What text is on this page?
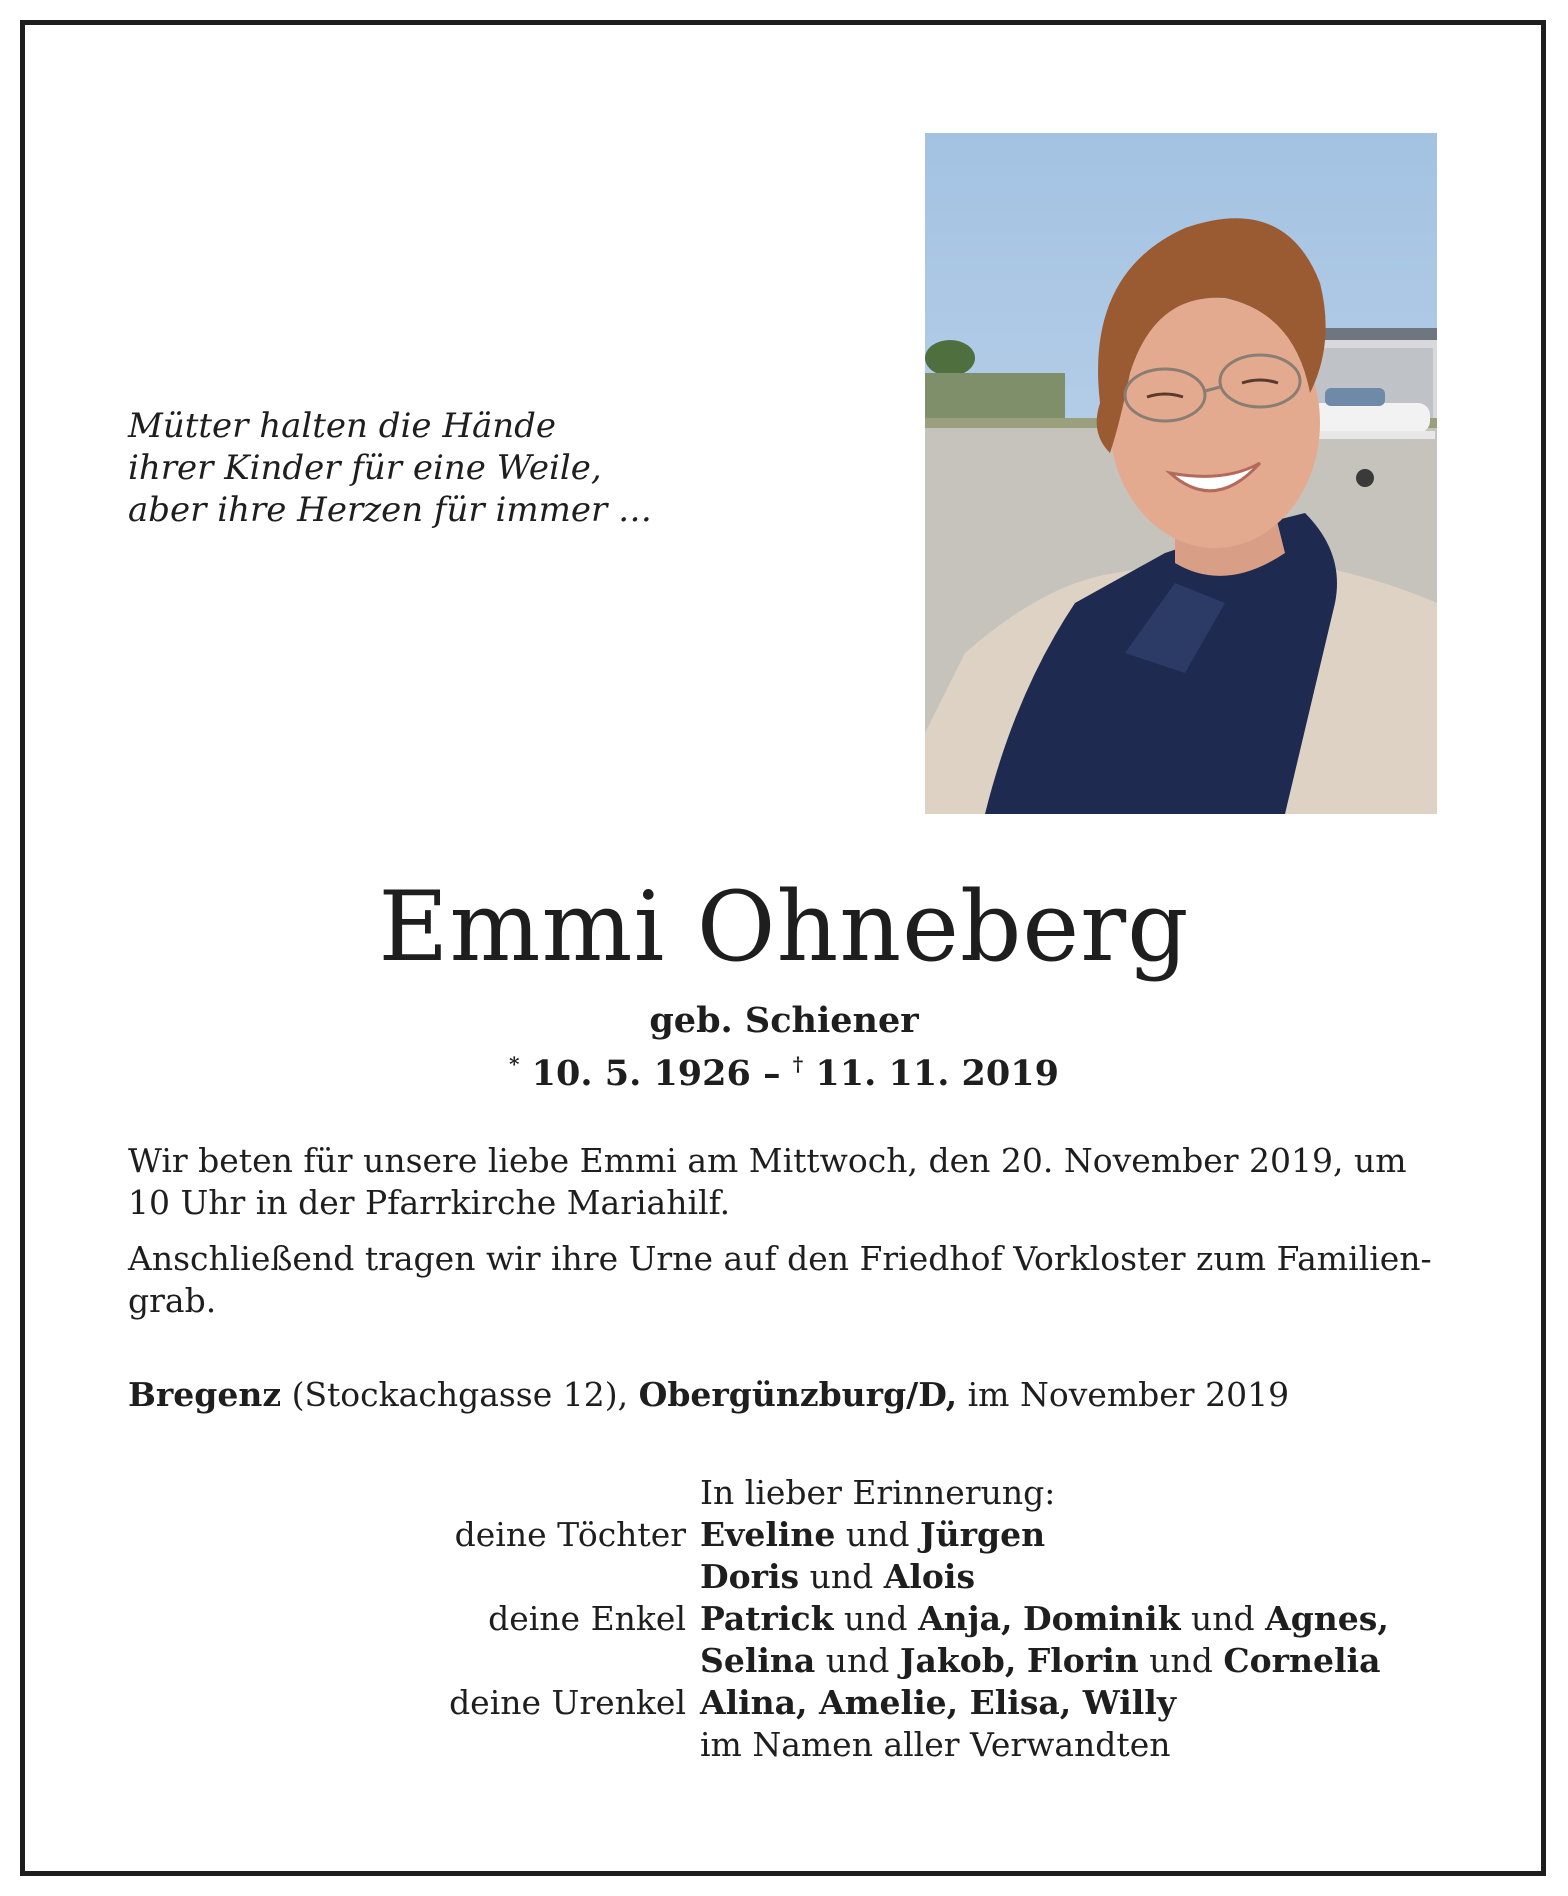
Mütter halten die Hände
ihrer Kinder für eine Weile,
aber ihre Herzen für immer …
Emmi Ohneberg
geb. Schiener
* 10. 5. 1926 – † 11. 11. 2019
Wir beten für unsere liebe Emmi am Mittwoch, den 20. November 2019, um
10 Uhr in der Pfarrkirche Mariahilf.
Anschließend tragen wir ihre Urne auf den Friedhof Vorkloster zum Familien-
grab.
Bregenz (Stockachgasse 12), Obergünzburg/D, im November 2019
In lieber Erinnerung:
deine Töchter Eveline und Jürgen
Doris und Alois
deine Enkel Patrick und Anja, Dominik und Agnes,
Selina und Jakob, Florin und Cornelia
deine Urenkel Alina, Amelie, Elisa, Willy
im Namen aller Verwandten
